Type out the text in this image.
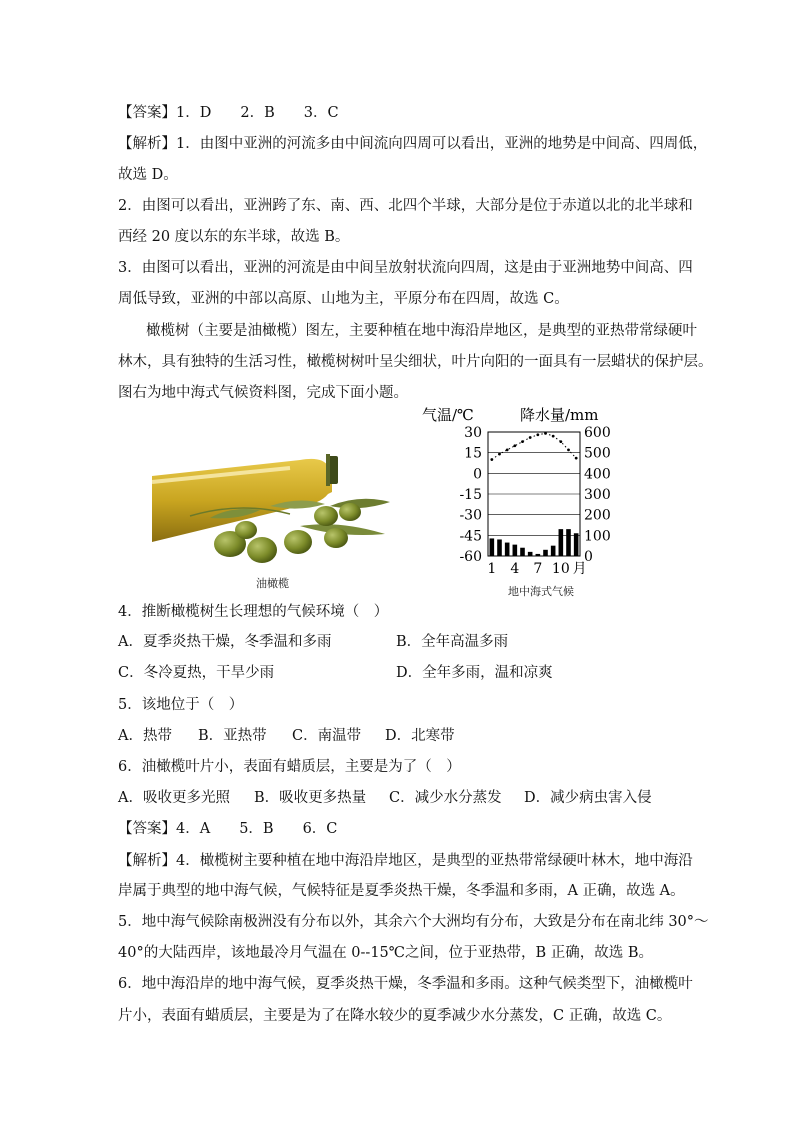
【答案】1．D　　2．B　　3．C
【解析】1．由图中亚洲的河流多由中间流向四周可以看出，亚洲的地势是中间高、四周低，
故选 D。
2．由图可以看出，亚洲跨了东、南、西、北四个半球，大部分是位于赤道以北的北半球和
西经 20 度以东的东半球，故选 B。
3．由图可以看出，亚洲的河流是由中间呈放射状流向四周，这是由于亚洲地势中间高、四
周低导致，亚洲的中部以高原、山地为主，平原分布在四周，故选 C。
橄榄树（主要是油橄榄）图左，主要种植在地中海沿岸地区，是典型的亚热带常绿硬叶
林木，具有独特的生活习性，橄榄树树叶呈尖细状，叶片向阳的一面具有一层蜡状的保护层。
图右为地中海式气候资料图，完成下面小题。
油橄榄
气温/℃	降水量/mm
30	600
15	500
0	400
-15	300
-30	200
-45	100
-60	0
1 4 7 10 月
地中海式气候
4．推断橄榄树生长理想的气候环境（　）
A．夏季炎热干燥，冬季温和多雨	B．全年高温多雨
C．冬冷夏热，干旱少雨	D．全年多雨，温和凉爽
5．该地位于（　）
A．热带 B．亚热带 C．南温带 D．北寒带
6．油橄榄叶片小，表面有蜡质层，主要是为了（　）
A．吸收更多光照 B．吸收更多热量 C．减少水分蒸发 D．减少病虫害入侵
【答案】4．A　　5．B　　6．C
【解析】4．橄榄树主要种植在地中海沿岸地区，是典型的亚热带常绿硬叶林木，地中海沿
岸属于典型的地中海气候，气候特征是夏季炎热干燥，冬季温和多雨，A 正确，故选 A。
5．地中海气候除南极洲没有分布以外，其余六个大洲均有分布，大致是分布在南北纬 30°～
40°的大陆西岸，该地最冷月气温在 0--15℃之间，位于亚热带，B 正确，故选 B。
6．地中海沿岸的地中海气候，夏季炎热干燥，冬季温和多雨。这种气候类型下，油橄榄叶
片小，表面有蜡质层，主要是为了在降水较少的夏季减少水分蒸发，C 正确，故选 C。
